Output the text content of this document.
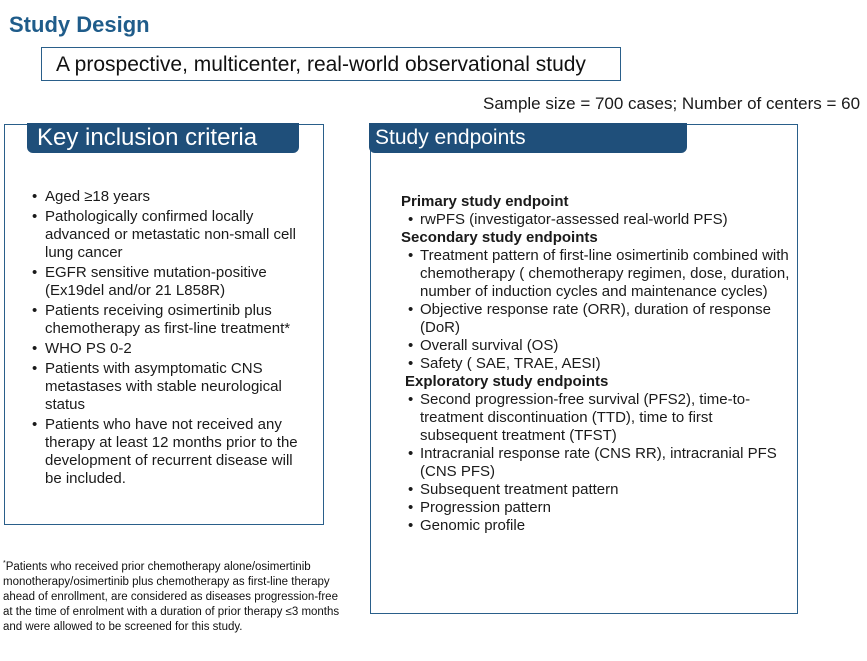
Study Design
A prospective, multicenter, real-world observational study
Sample size = 700 cases; Number of centers = 60
Key inclusion criteria
• Aged ≥18 years
• Pathologically confirmed locally advanced or metastatic non-small cell lung cancer
• EGFR sensitive mutation-positive (Ex19del and/or 21 L858R)
• Patients receiving osimertinib plus chemotherapy as first-line treatment*
• WHO PS 0-2
• Patients with asymptomatic CNS metastases with stable neurological status
• Patients who have not received any therapy at least 12 months prior to the development of recurrent disease will be included.
Study endpoints
Primary study endpoint
• rwPFS (investigator-assessed real-world PFS)
Secondary study endpoints
• Treatment pattern of first-line osimertinib combined with chemotherapy ( chemotherapy regimen, dose, duration, number of induction cycles and maintenance cycles)
• Objective response rate (ORR), duration of response (DoR)
• Overall survival (OS)
• Safety ( SAE, TRAE, AESI)
Exploratory study endpoints
• Second progression-free survival (PFS2), time-to-treatment discontinuation (TTD), time to first subsequent treatment (TFST)
• Intracranial response rate (CNS RR), intracranial PFS (CNS PFS)
• Subsequent treatment pattern
• Progression pattern
• Genomic profile
*Patients who received prior chemotherapy alone/osimertinib monotherapy/osimertinib plus chemotherapy as first-line therapy ahead of enrollment, are considered as diseases progression-free at the time of enrolment with a duration of prior therapy ≤3 months and were allowed to be screened for this study.
